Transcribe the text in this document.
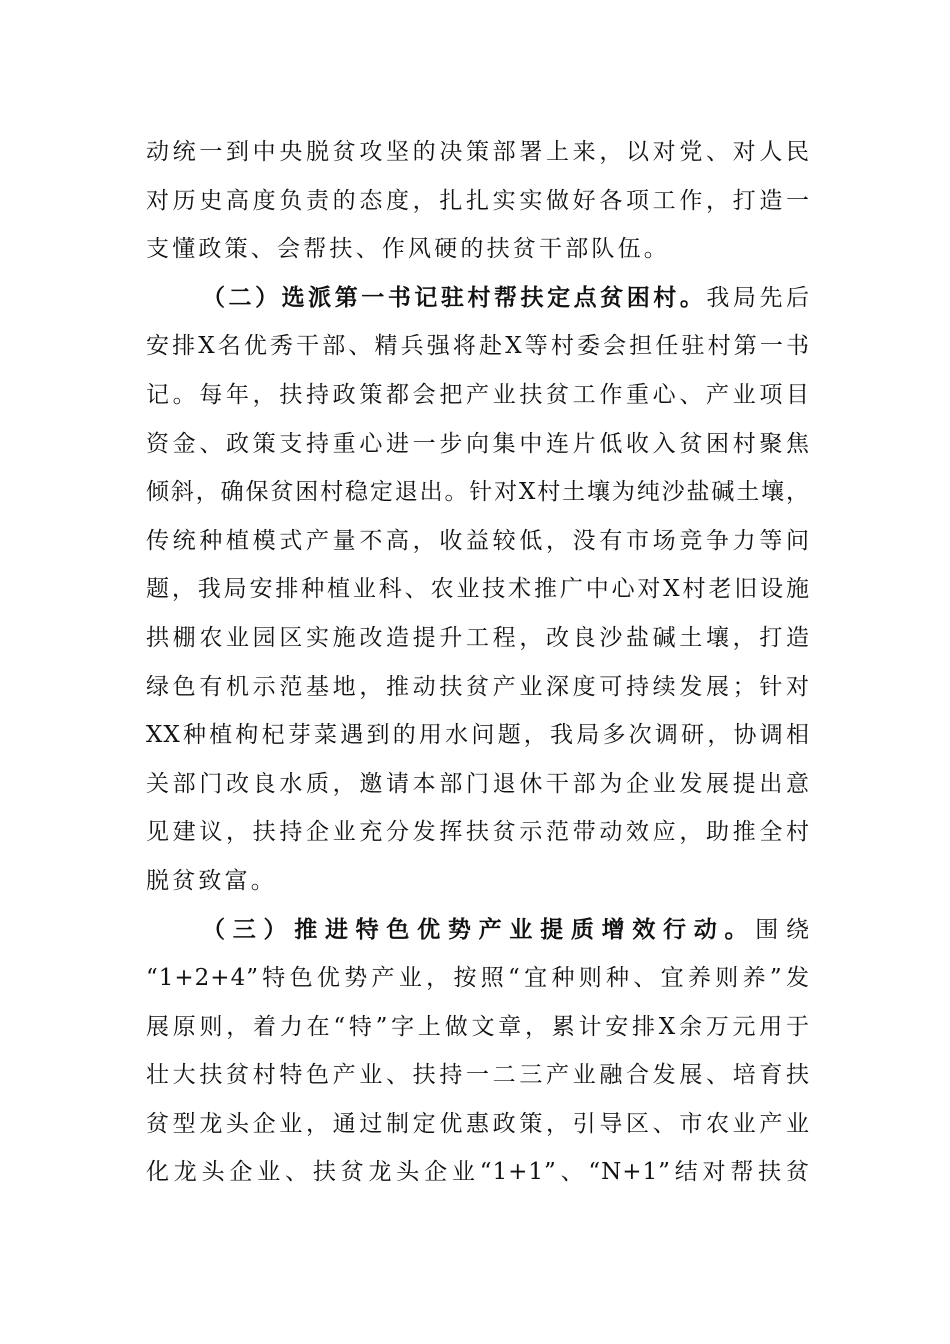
动统一到中央脱贫攻坚的决策部署上来，以对党、对人民
对历史高度负责的态度，扎扎实实做好各项工作，打造一
支懂政策、会帮扶、作风硬的扶贫干部队伍。
（二）选派第一书记驻村帮扶定点贫困村。我局先后
安排X名优秀干部、精兵强将赴X等村委会担任驻村第一书
记。每年，扶持政策都会把产业扶贫工作重心、产业项目
资金、政策支持重心进一步向集中连片低收入贫困村聚焦
倾斜，确保贫困村稳定退出。针对X村土壤为纯沙盐碱土壤，
传统种植模式产量不高，收益较低，没有市场竞争力等问
题，我局安排种植业科、农业技术推广中心对X村老旧设施
拱棚农业园区实施改造提升工程，改良沙盐碱土壤，打造
绿色有机示范基地，推动扶贫产业深度可持续发展；针对
XX种植枸杞芽菜遇到的用水问题，我局多次调研，协调相
关部门改良水质，邀请本部门退休干部为企业发展提出意
见建议，扶持企业充分发挥扶贫示范带动效应，助推全村
脱贫致富。
（三）推进特色优势产业提质增效行动。围绕
“1+2+4”特色优势产业，按照“宜种则种、宜养则养”发
展原则，着力在“特”字上做文章，累计安排X余万元用于
壮大扶贫村特色产业、扶持一二三产业融合发展、培育扶
贫型龙头企业，通过制定优惠政策，引导区、市农业产业
化龙头企业、扶贫龙头企业“1+1”、“N+1”结对帮扶贫
